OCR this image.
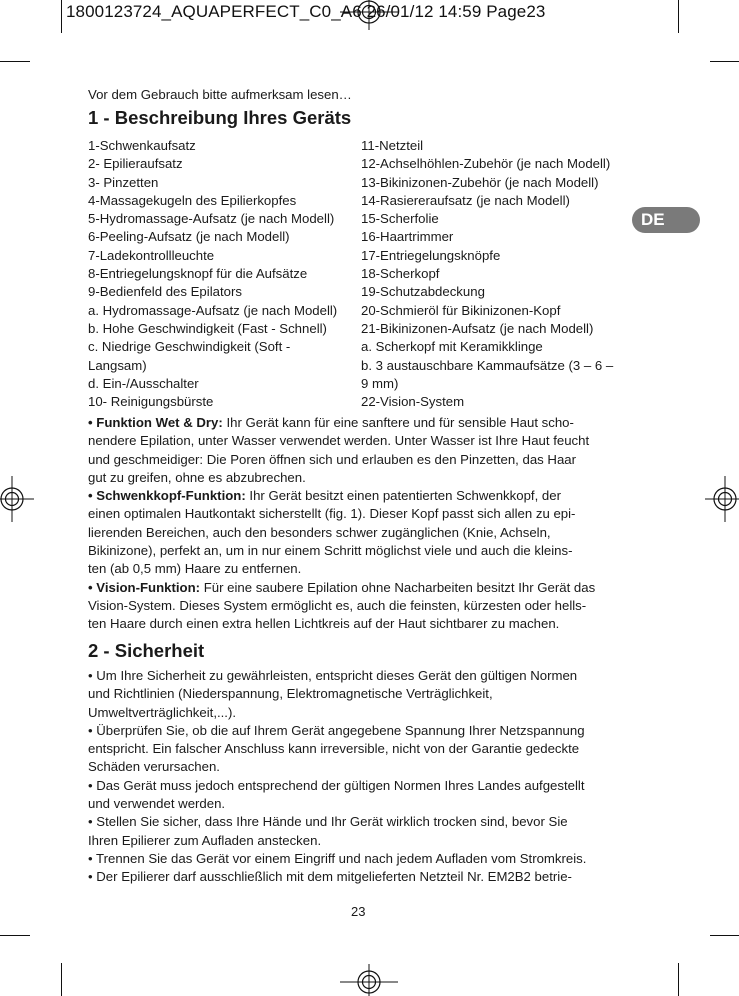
1800123724_AQUAPERFECT_C0_A6 26/01/12 14:59 Page23
DE
Vor dem Gebrauch bitte aufmerksam lesen…
1 - Beschreibung Ihres Geräts
1-Schwenkaufsatz
2- Epilieraufsatz
3- Pinzetten
4-Massagekugeln des Epilierkopfes
5-Hydromassage-Aufsatz (je nach Modell)
6-Peeling-Aufsatz (je nach Modell)
7-Ladekontrollleuchte
8-Entriegelungsknopf für die Aufsätze
9-Bedienfeld des Epilators
a. Hydromassage-Aufsatz (je nach Modell)
b. Hohe Geschwindigkeit (Fast - Schnell)
c. Niedrige Geschwindigkeit (Soft -
Langsam)
d. Ein-/Ausschalter
10- Reinigungsbürste
11-Netzteil
12-Achselhöhlen-Zubehör (je nach Modell)
13-Bikinizonen-Zubehör (je nach Modell)
14-Rasiereraufsatz (je nach Modell)
15-Scherfolie
16-Haartrimmer
17-Entriegelungsknöpfe
18-Scherkopf
19-Schutzabdeckung
20-Schmieröl für Bikinizonen-Kopf
21-Bikinizonen-Aufsatz (je nach Modell)
a. Scherkopf mit Keramikklinge
b. 3 austauschbare Kammaufsätze (3 – 6 –
9 mm)
22-Vision-System

• Funktion Wet & Dry: Ihr Gerät kann für eine sanftere und für sensible Haut scho-
nendere Epilation, unter Wasser verwendet werden. Unter Wasser ist Ihre Haut feucht
und geschmeidiger: Die Poren öffnen sich und erlauben es den Pinzetten, das Haar
gut zu greifen, ohne es abzubrechen.

• Schwenkkopf-Funktion: Ihr Gerät besitzt einen patentierten Schwenkkopf, der
einen optimalen Hautkontakt sicherstellt (fig. 1). Dieser Kopf passt sich allen zu epi-
lierenden Bereichen, auch den besonders schwer zugänglichen (Knie, Achseln,
Bikinizone), perfekt an, um in nur einem Schritt möglichst viele und auch die kleins-
ten (ab 0,5 mm) Haare zu entfernen.

• Vision-Funktion: Für eine saubere Epilation ohne Nacharbeiten besitzt Ihr Gerät das
Vision-System. Dieses System ermöglicht es, auch die feinsten, kürzesten oder hells-
ten Haare durch einen extra hellen Lichtkreis auf der Haut sichtbarer zu machen.

2 - Sicherheit
• Um Ihre Sicherheit zu gewährleisten, entspricht dieses Gerät den gültigen Normen
und Richtlinien (Niederspannung, Elektromagnetische Verträglichkeit,
Umweltverträglichkeit,...).
• Überprüfen Sie, ob die auf Ihrem Gerät angegebene Spannung Ihrer Netzspannung
entspricht. Ein falscher Anschluss kann irreversible, nicht von der Garantie gedeckte
Schäden verursachen.
• Das Gerät muss jedoch entsprechend der gültigen Normen Ihres Landes aufgestellt
und verwendet werden.
• Stellen Sie sicher, dass Ihre Hände und Ihr Gerät wirklich trocken sind, bevor Sie
Ihren Epilierer zum Aufladen anstecken.
• Trennen Sie das Gerät vor einem Eingriff und nach jedem Aufladen vom Stromkreis.
• Der Epilierer darf ausschließlich mit dem mitgelieferten Netzteil Nr. EM2B2 betrie-
23
